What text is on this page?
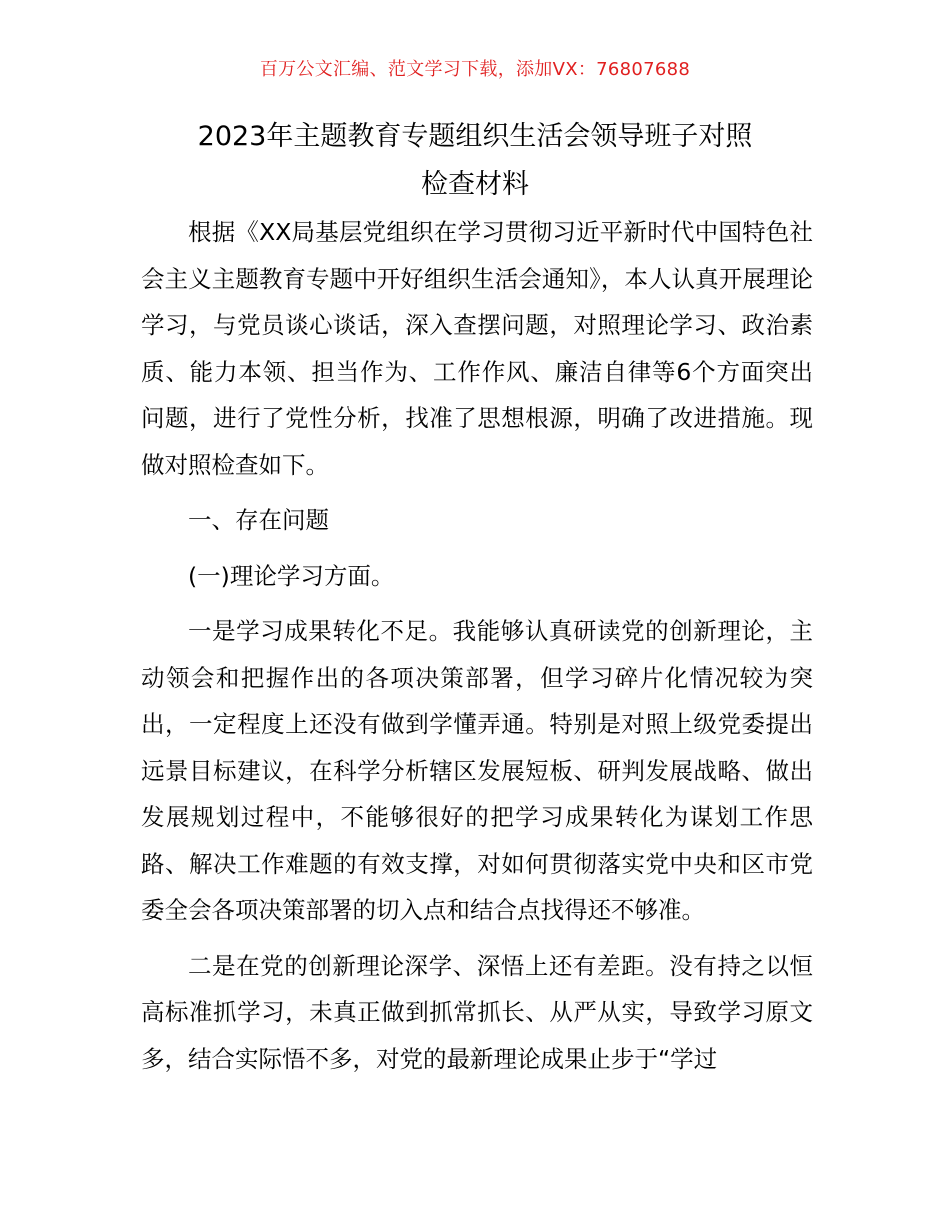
百万公文汇编、范文学习下载，添加VX：76807688
2023年主题教育专题组织生活会领导班子对照
检查材料

根据《XX局基层党组织在学习贯彻习近平新时代中国特色社会主义主题教育专题中开好组织生活会通知》，本人认真开展理论学习，与党员谈心谈话，深入查摆问题，对照理论学习、政治素质、能力本领、担当作为、工作作风、廉洁自律等6个方面突出问题，进行了党性分析，找准了思想根源，明确了改进措施。现做对照检查如下。

一、存在问题

(一)理论学习方面。

一是学习成果转化不足。我能够认真研读党的创新理论，主动领会和把握作出的各项决策部署，但学习碎片化情况较为突出，一定程度上还没有做到学懂弄通。特别是对照上级党委提出远景目标建议，在科学分析辖区发展短板、研判发展战略、做出发展规划过程中，不能够很好的把学习成果转化为谋划工作思路、解决工作难题的有效支撑，对如何贯彻落实党中央和区市党委全会各项决策部署的切入点和结合点找得还不够准。

二是在党的创新理论深学、深悟上还有差距。没有持之以恒高标准抓学习，未真正做到抓常抓长、从严从实，导致学习原文多，结合实际悟不多，对党的最新理论成果止步于“学过
